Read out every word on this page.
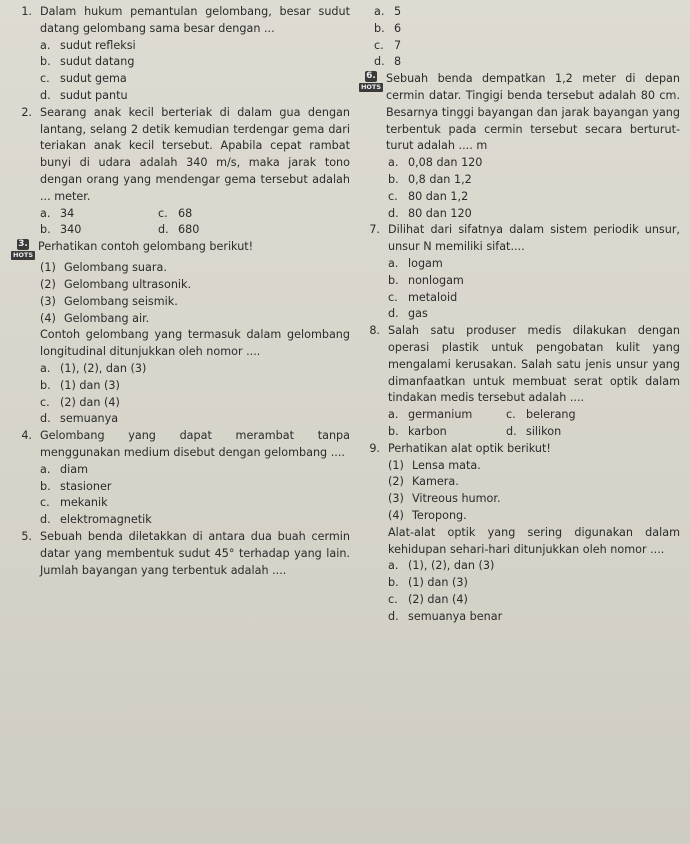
1. Dalam hukum pemantulan gelombang, besar sudut datang gelombang sama besar dengan ...
a. sudut refleksi
b. sudut datang
c. sudut gema
d. sudut pantu
2. Searang anak kecil berteriak di dalam gua dengan lantang, selang 2 detik kemudian terdengar gema dari teriakan anak kecil tersebut. Apabila cepat rambat bunyi di udara adalah 340 m/s, maka jarak tono dengan orang yang mendengar gema tersebut adalah ... meter.
a. 34	c. 68
b. 340	d. 680
3.
HOTS
Perhatikan contoh gelombang berikut!
(1) Gelombang suara.
(2) Gelombang ultrasonik.
(3) Gelombang seismik.
(4) Gelombang air.
Contoh gelombang yang termasuk dalam gelombang longitudinal ditunjukkan oleh nomor ....
a. (1), (2), dan (3)
b. (1) dan (3)
c. (2) dan (4)
d. semuanya
4. Gelombang yang dapat merambat tanpa menggunakan medium disebut dengan gelombang ....
a. diam
b. stasioner
c. mekanik
d. elektromagnetik
5. Sebuah benda diletakkan di antara dua buah cermin datar yang membentuk sudut 45° terhadap yang lain. Jumlah bayangan yang terbentuk adalah ....
a. 5
b. 6
c. 7
d. 8
6.
HOTS
Sebuah benda dempatkan 1,2 meter di depan cermin datar. Tingigi benda tersebut adalah 80 cm. Besarnya tinggi bayangan dan jarak bayangan yang terbentuk pada cermin tersebut secara berturut-turut adalah .... m
a. 0,08 dan 120
b. 0,8 dan 1,2
c. 80 dan 1,2
d. 80 dan 120
7. Dilihat dari sifatnya dalam sistem periodik unsur, unsur N memiliki sifat....
a. logam
b. nonlogam
c. metaloid
d. gas
8. Salah satu produser medis dilakukan dengan operasi plastik untuk pengobatan kulit yang mengalami kerusakan. Salah satu jenis unsur yang dimanfaatkan untuk membuat serat optik dalam tindakan medis tersebut adalah ....
a. germanium	c. belerang
b. karbon	d. silikon
9. Perhatikan alat optik berikut!
(1) Lensa mata.
(2) Kamera.
(3) Vitreous humor.
(4) Teropong.
Alat-alat optik yang sering digunakan dalam kehidupan sehari-hari ditunjukkan oleh nomor ....
a. (1), (2), dan (3)
b. (1) dan (3)
c. (2) dan (4)
d. semuanya benar
